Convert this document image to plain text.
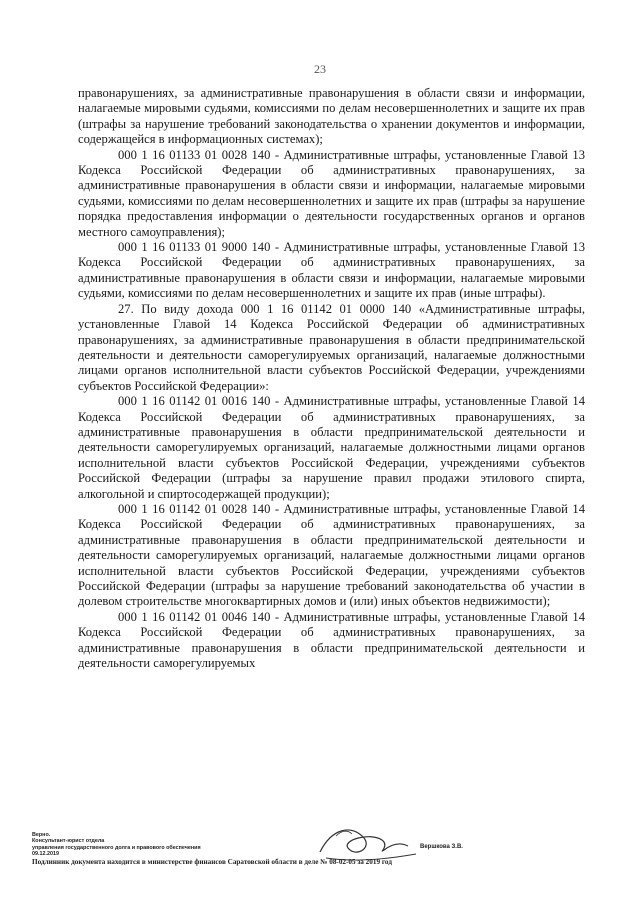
23

правонарушениях, за административные правонарушения в области связи и информации, налагаемые мировыми судьями, комиссиями по делам несовершеннолетних и защите их прав (штрафы за нарушение требований законодательства о хранении документов и информации, содержащейся в информационных системах);

000 1 16 01133 01 0028 140 - Административные штрафы, установленные Главой 13 Кодекса Российской Федерации об административных правонарушениях, за административные правонарушения в области связи и информации, налагаемые мировыми судьями, комиссиями по делам несовершеннолетних и защите их прав (штрафы за нарушение порядка предоставления информации о деятельности государственных органов и органов местного самоуправления);

000 1 16 01133 01 9000 140 - Административные штрафы, установленные Главой 13 Кодекса Российской Федерации об административных правонарушениях, за административные правонарушения в области связи и информации, налагаемые мировыми судьями, комиссиями по делам несовершеннолетних и защите их прав (иные штрафы).

27. По виду дохода 000 1 16 01142 01 0000 140 «Административные штрафы, установленные Главой 14 Кодекса Российской Федерации об административных правонарушениях, за административные правонарушения в области предпринимательской деятельности и деятельности саморегулируемых организаций, налагаемые должностными лицами органов исполнительной власти субъектов Российской Федерации, учреждениями субъектов Российской Федерации»:

000 1 16 01142 01 0016 140 - Административные штрафы, установленные Главой 14 Кодекса Российской Федерации об административных правонарушениях, за административные правонарушения в области предпринимательской деятельности и деятельности саморегулируемых организаций, налагаемые должностными лицами органов исполнительной власти субъектов Российской Федерации, учреждениями субъектов Российской Федерации (штрафы за нарушение правил продажи этилового спирта, алкогольной и спиртосодержащей продукции);

000 1 16 01142 01 0028 140 - Административные штрафы, установленные Главой 14 Кодекса Российской Федерации об административных правонарушениях, за административные правонарушения в области предпринимательской деятельности и деятельности саморегулируемых организаций, налагаемые должностными лицами органов исполнительной власти субъектов Российской Федерации, учреждениями субъектов Российской Федерации (штрафы за нарушение требований законодательства об участии в долевом строительстве многоквартирных домов и (или) иных объектов недвижимости);

000 1 16 01142 01 0046 140 - Административные штрафы, установленные Главой 14 Кодекса Российской Федерации об административных правонарушениях, за административные правонарушения в области предпринимательской деятельности и деятельности саморегулируемых

Верно.
Консультант-юрист отдела
управления государственного долга и правового обеспечения
09.12.2019
Вершкова З.В.
Подлинник документа находится в министерстве финансов Саратовской области в деле № 08-02-05 за 2019 год
